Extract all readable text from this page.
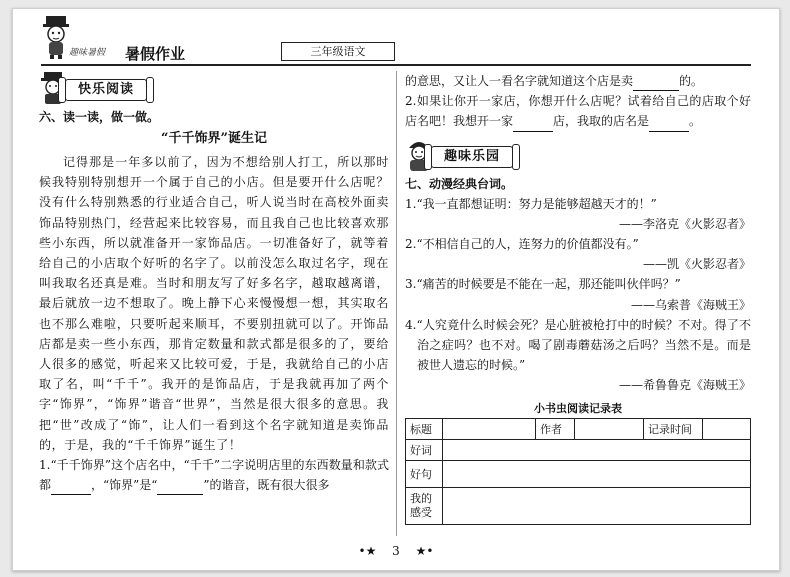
趣味暑假 暑假作业	三年级语文
快乐阅读
六、读一读，做一做。
“千千饰界”诞生记

记得那是一年多以前了，因为不想给别人打工，所以那时候我特别特别想开一个属于自己的小店。但是要开什么店呢？没有什么特别熟悉的行业适合自己，听人说当时在高校外面卖饰品特别热门，经营起来比较容易，而且我自己也比较喜欢那些小东西，所以就准备开一家饰品店。一切准备好了，就等着给自己的小店取个好听的名字了。以前没怎么取过名字，现在叫我取名还真是难。当时和朋友写了好多名字，越取越离谱，最后就放一边不想取了。晚上静下心来慢慢想一想，其实取名也不那么难啦，只要听起来顺耳，不要别扭就可以了。开饰品店都是卖一些小东西，那肯定数量和款式都是很多的了，要给人很多的感觉，听起来又比较可爱，于是，我就给自己的小店取了名，叫“千千”。我开的是饰品店，于是我就再加了两个字“饰界”，“饰界”谐音“世界”，当然是很大很多的意思。我把“世”改成了“饰”，让人们一看到这个名字就知道是卖饰品的，于是，我的“千千饰界”诞生了！

1.“千千饰界”这个店名中，“千千”二字说明店里的东西数量和款式都	，“饰界”是“	”的谐音，既有很大很多

的意思，又让人一看名字就知道这个店是卖	的。

2.如果让你开一家店，你想开什么店呢？试着给自己的店取个好店名吧！我想开一家	店，我取的店名是	。

趣味乐园
七、动漫经典台词。

1.“我一直都想证明：努力是能够超越天才的！”

——李洛克《火影忍者》

2.“不相信自己的人，连努力的价值都没有。”

——凯《火影忍者》

3.“痛苦的时候要是不能在一起，那还能叫伙伴吗？”

——乌索普《海贼王》

4.“人究竟什么时候会死？是心脏被枪打中的时候？不对。得了不治之症吗？也不对。喝了剧毒蘑菇汤之后吗？当然不是。而是被世人遗忘的时候。”

——希鲁鲁克《海贼王》

小书虫阅读记录表
标题		作者		记录时间	
好词					
好句					
我的感受					
•★ 3 ★•
